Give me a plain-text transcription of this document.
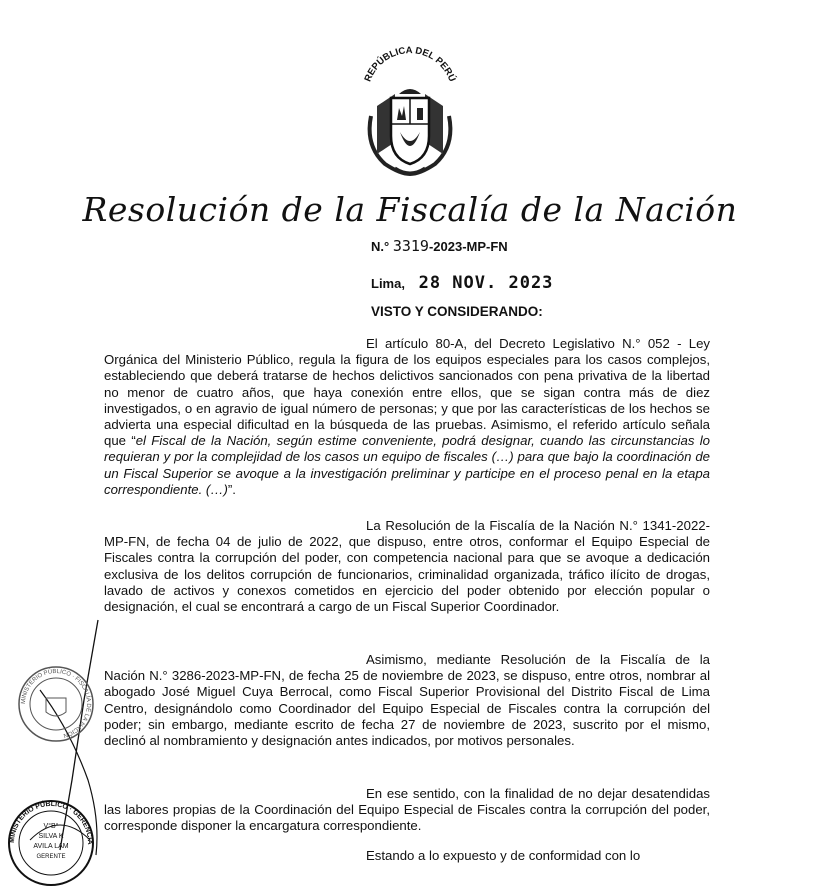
REPÚBLICA DEL PERÚ
Resolución de la Fiscalía de la Nación
N.° 3319-2023-MP-FN
Lima, 28 NOV. 2023
VISTO Y CONSIDERANDO:

El artículo 80-A, del Decreto Legislativo N.° 052 - Ley Orgánica del Ministerio Público, regula la figura de los equipos especiales para los casos complejos, estableciendo que deberá tratarse de hechos delictivos sancionados con pena privativa de la libertad no menor de cuatro años, que haya conexión entre ellos, que se sigan contra más de diez investigados, o en agravio de igual número de personas; y que por las características de los hechos se advierta una especial dificultad en la búsqueda de las pruebas. Asimismo, el referido artículo señala que “el Fiscal de la Nación, según estime conveniente, podrá designar, cuando las circunstancias lo requieran y por la complejidad de los casos un equipo de fiscales (…) para que bajo la coordinación de un Fiscal Superior se avoque a la investigación preliminar y participe en el proceso penal en la etapa correspondiente. (…)”.

La Resolución de la Fiscalía de la Nación N.° 1341-2022-MP-FN, de fecha 04 de julio de 2022, que dispuso, entre otros, conformar el Equipo Especial de Fiscales contra la corrupción del poder, con competencia nacional para que se avoque a dedicación exclusiva de los delitos corrupción de funcionarios, criminalidad organizada, tráfico ilícito de drogas, lavado de activos y conexos cometidos en ejercicio del poder obtenido por elección popular o designación, el cual se encontrará a cargo de un Fiscal Superior Coordinador.

Asimismo, mediante Resolución de la Fiscalía de la Nación N.° 3286-2023-MP-FN, de fecha 25 de noviembre de 2023, se dispuso, entre otros, nombrar al abogado José Miguel Cuya Berrocal, como Fiscal Superior Provisional del Distrito Fiscal de Lima Centro, designándolo como Coordinador del Equipo Especial de Fiscales contra la corrupción del poder; sin embargo, mediante escrito de fecha 27 de noviembre de 2023, suscrito por el mismo, declinó al nombramiento y designación antes indicados, por motivos personales.

En ese sentido, con la finalidad de no dejar desatendidas las labores propias de la Coordinación del Equipo Especial de Fiscales contra la corrupción del poder, corresponde disponer la encargatura correspondiente.

Estando a lo expuesto y de conformidad con lo

MINISTERIO PÚBLICO · FISCALÍA DE LA NACIÓN
MINISTERIO PÚBLICO · GERENCIA
V°B°
SILVA K
AVILA LAM
GERENTE
